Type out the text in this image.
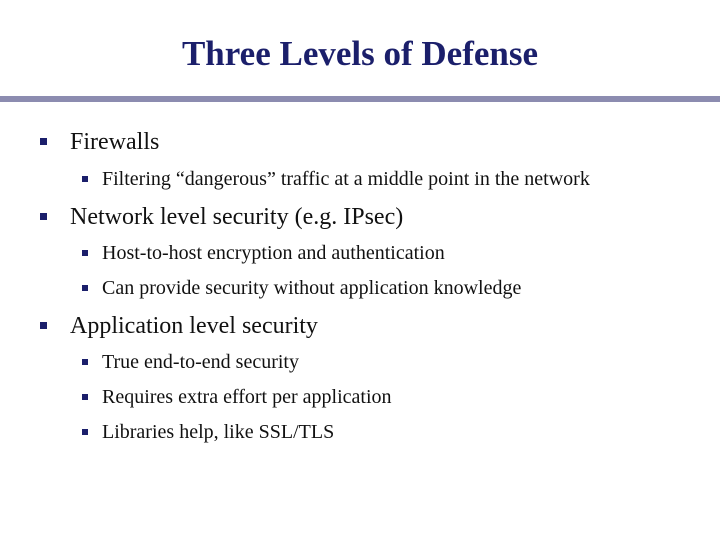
Three Levels of Defense
Firewalls
Filtering “dangerous” traffic at a middle point in the network
Network level security (e.g. IPsec)
Host-to-host encryption and authentication
Can provide security without application knowledge
Application level security
True end-to-end security
Requires extra effort per application
Libraries help, like SSL/TLS
